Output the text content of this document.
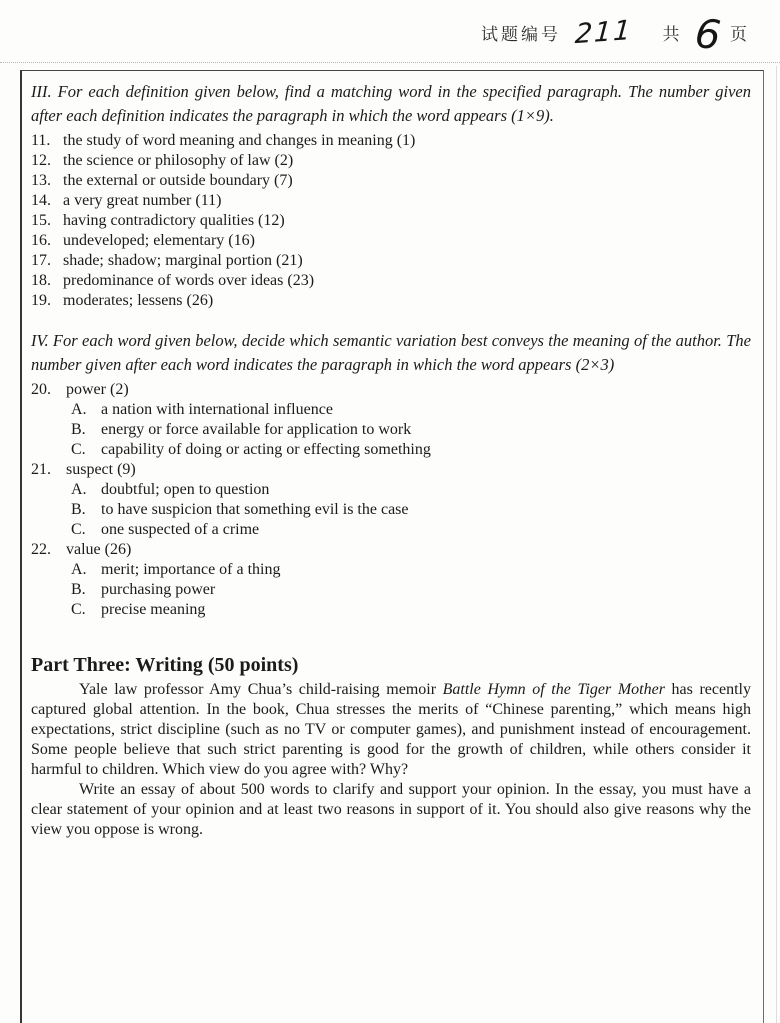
试题编号 211 共 6 页
III. For each definition given below, find a matching word in the specified paragraph. The number given after each definition indicates the paragraph in which the word appears (1×9).
11. the study of word meaning and changes in meaning (1)
12. the science or philosophy of law (2)
13. the external or outside boundary (7)
14. a very great number (11)
15. having contradictory qualities (12)
16. undeveloped; elementary (16)
17. shade; shadow; marginal portion (21)
18. predominance of words over ideas (23)
19. moderates; lessens (26)
IV. For each word given below, decide which semantic variation best conveys the meaning of the author. The number given after each word indicates the paragraph in which the word appears (2×3)
20. power (2)
A. a nation with international influence
B. energy or force available for application to work
C. capability of doing or acting or effecting something
21. suspect (9)
A. doubtful; open to question
B. to have suspicion that something evil is the case
C. one suspected of a crime
22. value (26)
A. merit; importance of a thing
B. purchasing power
C. precise meaning
Part Three: Writing (50 points)

Yale law professor Amy Chua’s child-raising memoir Battle Hymn of the Tiger Mother has recently captured global attention. In the book, Chua stresses the merits of “Chinese parenting,” which means high expectations, strict discipline (such as no TV or computer games), and punishment instead of encouragement. Some people believe that such strict parenting is good for the growth of children, while others consider it harmful to children. Which view do you agree with? Why?

Write an essay of about 500 words to clarify and support your opinion. In the essay, you must have a clear statement of your opinion and at least two reasons in support of it. You should also give reasons why the view you oppose is wrong.
